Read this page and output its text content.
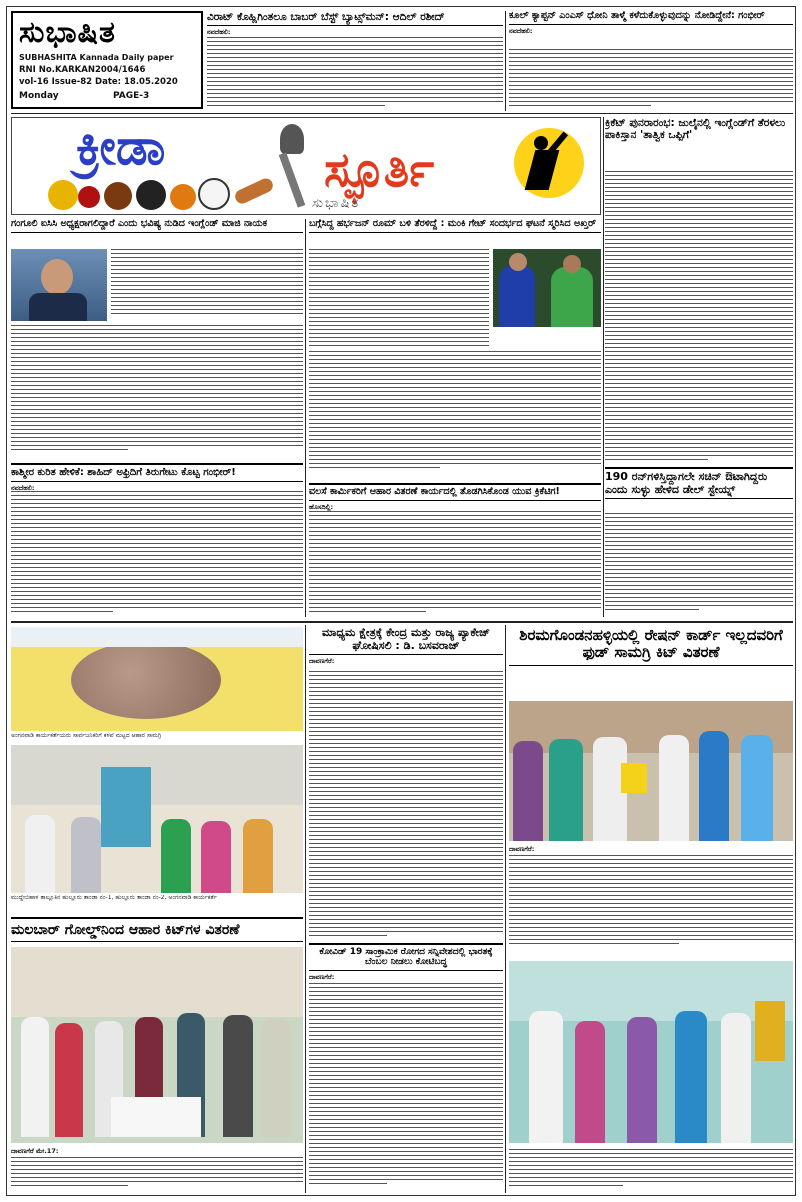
ಸುಭಾಷಿತ
SUBHASHITA Kannada Daily paper
RNI No.KARKAN2004/1646
vol-16 Issue-82 Date: 18.05.2020
Monday	PAGE-3
ವಿರಾಟ್ ಕೊಹ್ಲಿಗಿಂತಲೂ ಬಾಬರ್ ಬೆಸ್ಟ್ ಬ್ಯಾಟ್ಸ್‌ಮನ್: ಆದಿಲ್ ರಶೀದ್
ನವದೆಹಲಿ:
ಕೂಲ್ ಕ್ಯಾಪ್ಟನ್ ಎಂಎಸ್ ಧೋನಿ ತಾಳ್ಮೆ ಕಳೆದುಕೊಳ್ಳುವುದನ್ನು ನೋಡಿದ್ದೇನೆ: ಗಂಭೀರ್
ನವದೆಹಲಿ:
ಕ್ರೀಡಾ	ಸ್ಫೂರ್ತಿ
ಸುಭಾಷಿತ
ಕ್ರಿಕೆಟ್ ಪುನರಾರಂಭ: ಜುಲೈನಲ್ಲಿ ಇಂಗ್ಲೆಂಡ್‌ಗೆ ತೆರಳಲು ಪಾಕಿಸ್ತಾನ 'ತಾತ್ವಿಕ ಒಪ್ಪಿಗೆ'
ಗಂಗೂಲಿ ಐಸಿಸಿ ಅಧ್ಯಕ್ಷರಾಗಲಿದ್ದಾರೆ ಎಂದು ಭವಿಷ್ಯ ನುಡಿದ ಇಂಗ್ಲೆಂಡ್ ಮಾಜಿ ನಾಯಕ	ಬಗ್ಗೆಸಿದ್ದ ಹರ್ಭಜನ್ ರೂಮ್ ಬಳಿ ತೆರಳಿದ್ದೆ : ಮಂಕಿ ಗೇಟ್ ಸಂದರ್ಭದ ಘಟನೆ ಸ್ಮರಿಸಿದ ಅಖ್ತರ್
ಕಾಶ್ಮೀರ ಕುರಿತ ಹೇಳಿಕೆ: ಶಾಹಿದ್ ಅಫ್ರಿದಿಗೆ ತಿರುಗೇಟು ಕೊಟ್ಟ ಗಂಭೀರ್!
ನವದೆಹಲಿ:
190 ರನ್‌ಗಳಿಸ್ತಿದ್ದಾಗಲೇ ಸಚಿನ್ ಔಟಾಗಿದ್ದರು ಎಂದು ಸುಳ್ಳು ಹೇಳಿದ ಡೇಲ್ ಸ್ಟೇಯ್ನ್
ವಲಸೆ ಕಾರ್ಮಿಕರಿಗೆ ಆಹಾರ ವಿತರಣೆ ಕಾರ್ಯದಲ್ಲಿ ತೊಡಗಿಸಿಕೊಂಡ ಯುವ ಕ್ರಿಕೆಟಿಗ!
ಹೊಸದಿಲ್ಲಿ:
ಅಂಗನವಾಡಿ ಕಾರ್ಯಕರ್ತೆಯರು ಸಾರ್ವಜನಿಕರಿಗೆ ಕಳಪೆ ಮಟ್ಟದ ಆಹಾರ ಸಾಮಗ್ರಿ
ಮುದ್ದೇಬಿಹಾಳ ತಾಲ್ಲೂಕಿನ ಹುಲ್ಲೂರು ತಾಂಡಾ ನಂ-1, ಹುಲ್ಲೂರು ತಾಂಡಾ ನಂ-2, ಅಂಗನವಾಡಿ ಕಾರ್ಯಕರ್ತೆ
ಮಲಬಾರ್ ಗೋಲ್ಡ್‌ನಿಂದ ಆಹಾರ ಕಿಟ್‌ಗಳ ವಿತರಣೆ
ದಾವಣಗೆರೆ ಮೇ.17:
ಮಾಧ್ಯಮ ಕ್ಷೇತ್ರಕ್ಕೆ ಕೇಂದ್ರ ಮತ್ತು ರಾಜ್ಯ ಪ್ಯಾಕೇಜ್ ಘೋಷಿಸಲಿ : ಡಿ. ಬಸವರಾಜ್
ದಾವಣಗೆರೆ:
ಕೋವಿಡ್ 19 ಸಾಂಕ್ರಾಮಿಕ ರೋಗದ ಸನ್ನಿವೇಶದಲ್ಲಿ ಭಾರತಕ್ಕೆ ಬೆಂಬಲ ನೀಡಲು ಕೋಟಿಬದ್ಧ
ದಾವಣಗೆರೆ:
ಶಿರಮಗೊಂಡನಹಳ್ಳಿಯಲ್ಲಿ ರೇಷನ್ ಕಾರ್ಡ್ ಇಲ್ಲದವರಿಗೆ ಫುಡ್ ಸಾಮಗ್ರಿ ಕಿಟ್ ವಿತರಣೆ
ದಾವಣಗೆರೆ:
